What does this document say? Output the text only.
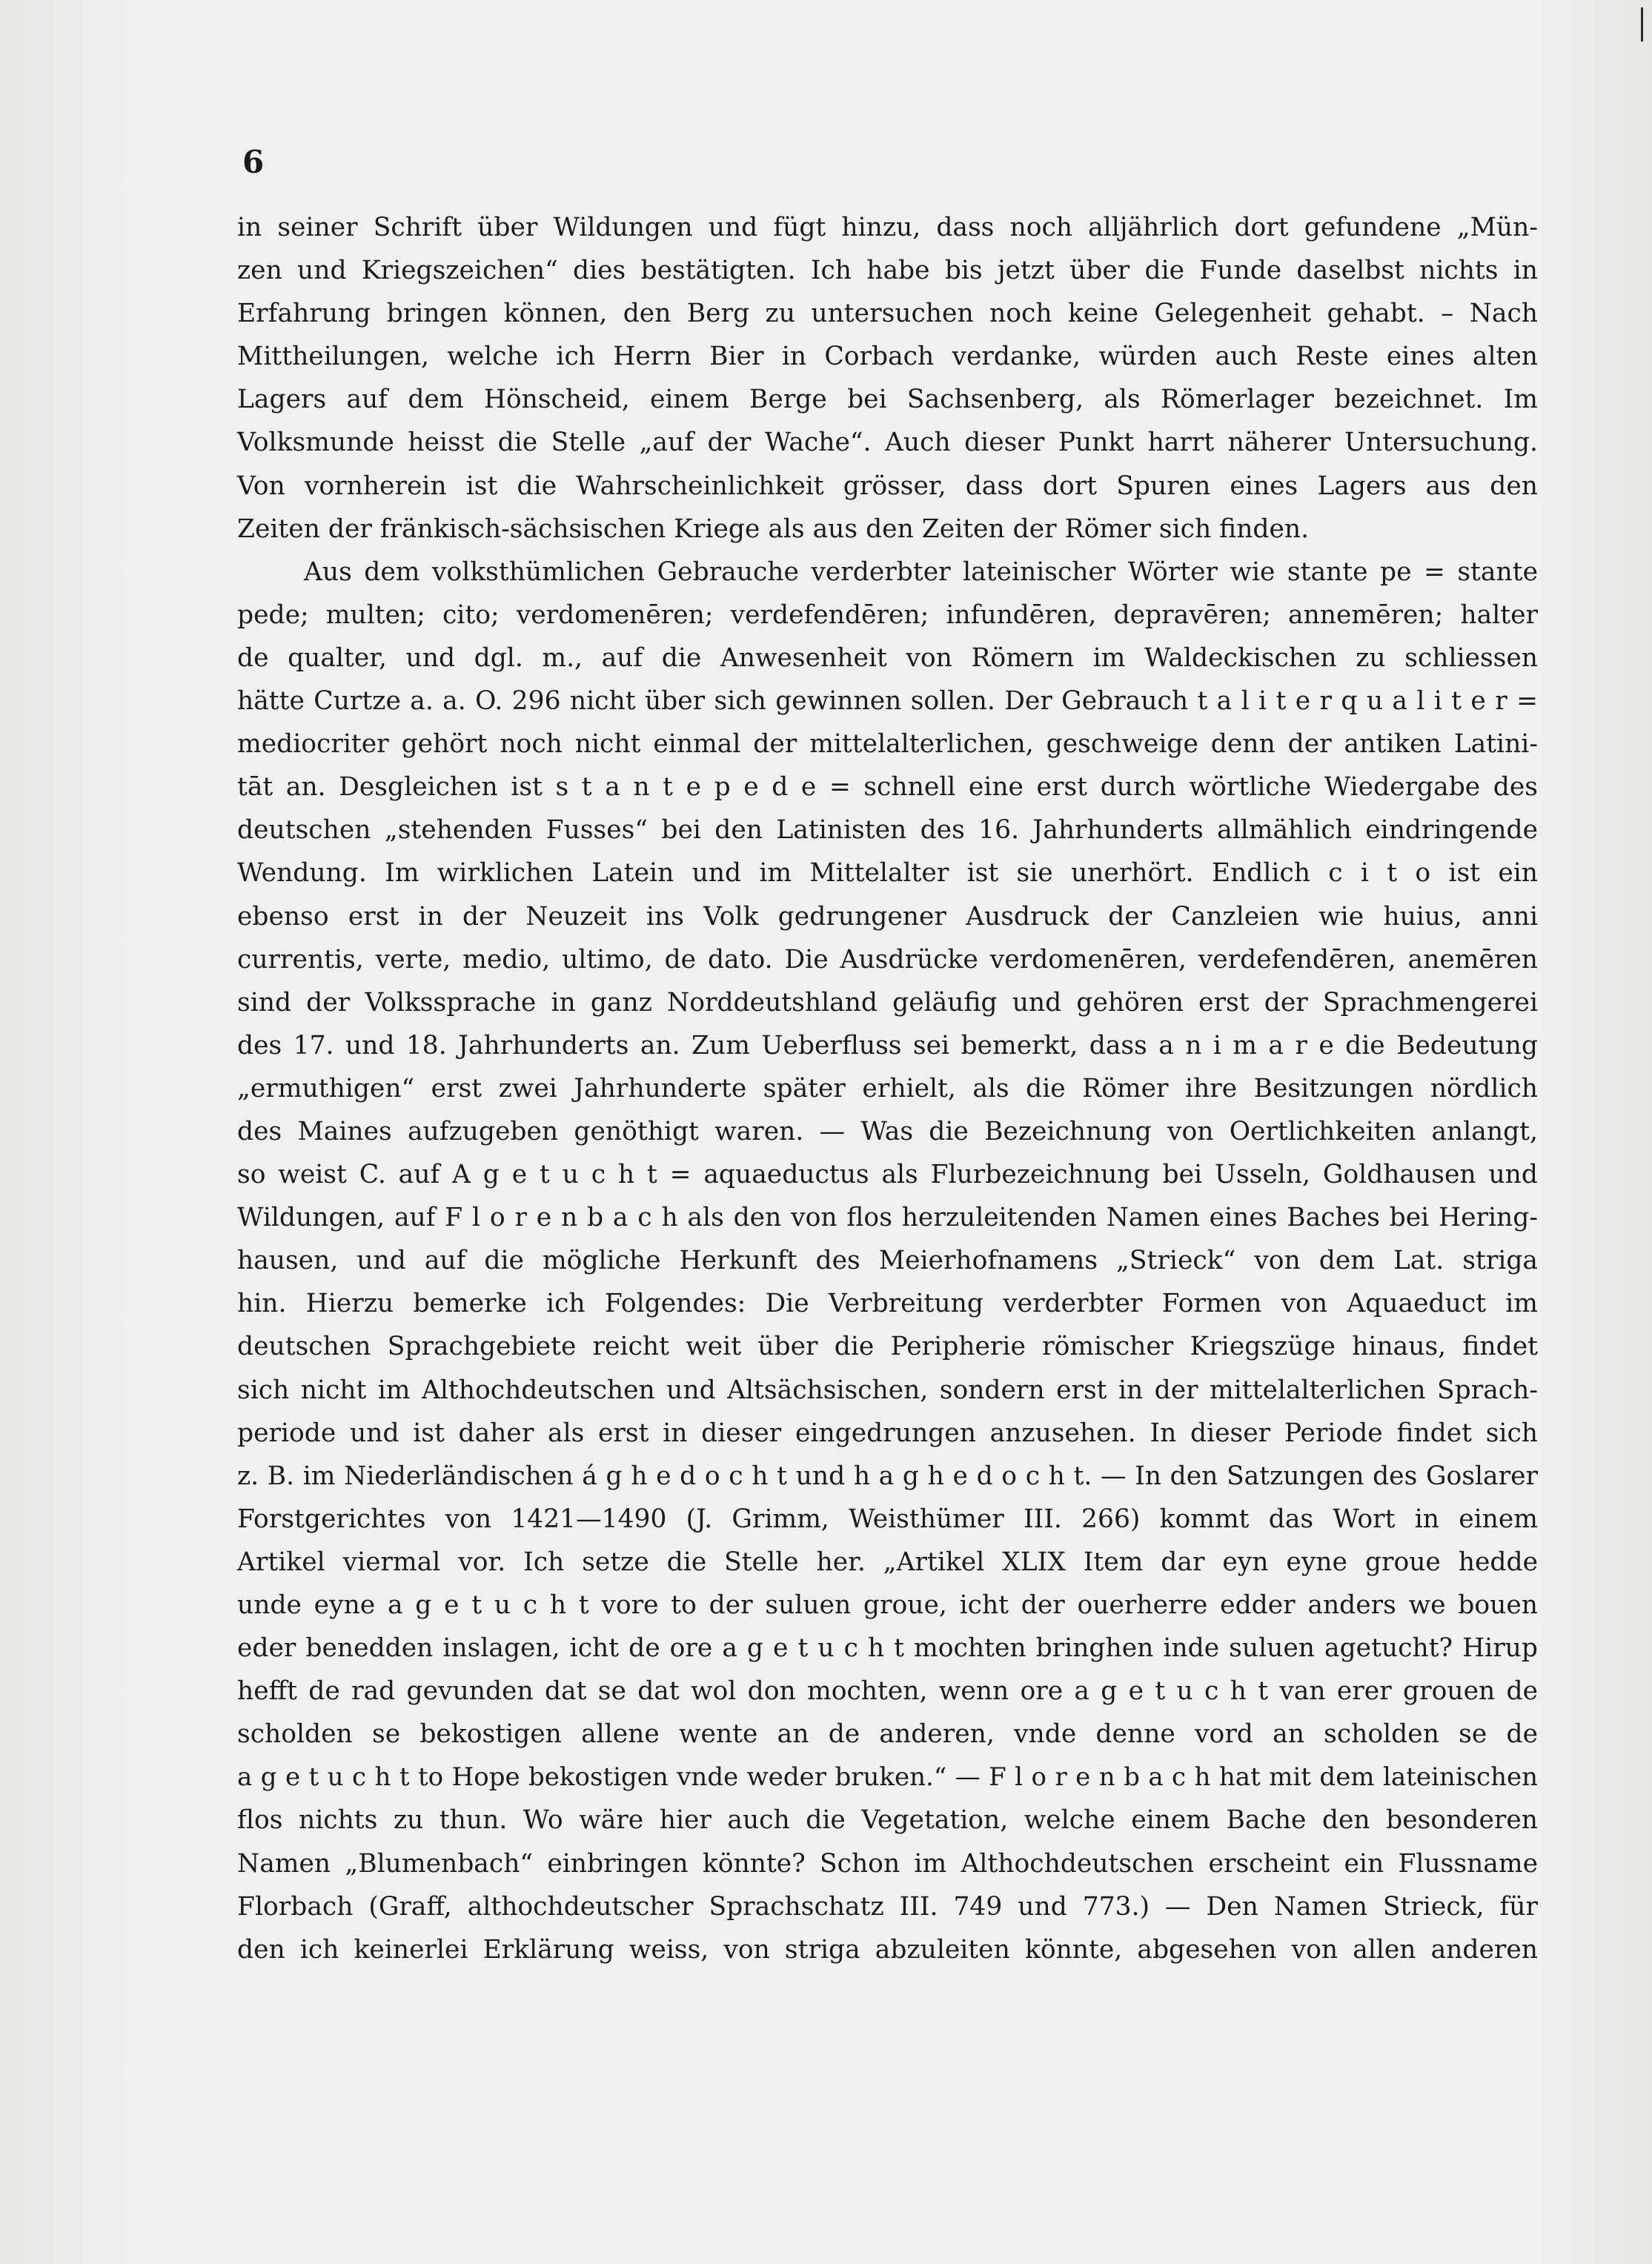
6
in seiner Schrift über Wildungen und fügt hinzu, dass noch alljährlich dort gefundene „Mün-
zen und Kriegszeichen“ dies bestätigten. Ich habe bis jetzt über die Funde daselbst nichts in
Erfahrung bringen können, den Berg zu untersuchen noch keine Gelegenheit gehabt. – Nach
Mittheilungen, welche ich Herrn Bier in Corbach verdanke, würden auch Reste eines alten
Lagers auf dem Hönscheid, einem Berge bei Sachsenberg, als Römerlager bezeichnet. Im
Volksmunde heisst die Stelle „auf der Wache“. Auch dieser Punkt harrt näherer Untersuchung.
Von vornherein ist die Wahrscheinlichkeit grösser, dass dort Spuren eines Lagers aus den
Zeiten der fränkisch-sächsischen Kriege als aus den Zeiten der Römer sich finden.
Aus dem volksthümlichen Gebrauche verderbter lateinischer Wörter wie stante pe = stante
pede; multen; cito; verdomenēren; verdefendēren; infundēren, depravēren; annemēren; halter
de qualter, und dgl. m., auf die Anwesenheit von Römern im Waldeckischen zu schliessen
hätte Curtze a. a. O. 296 nicht über sich gewinnen sollen. Der Gebrauch t a l i t e r q u a l i t e r =
mediocriter gehört noch nicht einmal der mittelalterlichen, geschweige denn der antiken Latini-
tāt an. Desgleichen ist s t a n t e p e d e = schnell eine erst durch wörtliche Wiedergabe des
deutschen „stehenden Fusses“ bei den Latinisten des 16. Jahrhunderts allmählich eindringende
Wendung. Im wirklichen Latein und im Mittelalter ist sie unerhört. Endlich c i t o ist ein
ebenso erst in der Neuzeit ins Volk gedrungener Ausdruck der Canzleien wie huius, anni
currentis, verte, medio, ultimo, de dato. Die Ausdrücke verdomenēren, verdefendēren, anemēren
sind der Volkssprache in ganz Norddeutshland geläufig und gehören erst der Sprachmengerei
des 17. und 18. Jahrhunderts an. Zum Ueberfluss sei bemerkt, dass a n i m a r e die Bedeutung
„ermuthigen“ erst zwei Jahrhunderte später erhielt, als die Römer ihre Besitzungen nördlich
des Maines aufzugeben genöthigt waren. — Was die Bezeichnung von Oertlichkeiten anlangt,
so weist C. auf A g e t u c h t = aquaeductus als Flurbezeichnung bei Usseln, Goldhausen und
Wildungen, auf F l o r e n b a c h als den von flos herzuleitenden Namen eines Baches bei Hering-
hausen, und auf die mögliche Herkunft des Meierhofnamens „Strieck“ von dem Lat. striga
hin. Hierzu bemerke ich Folgendes: Die Verbreitung verderbter Formen von Aquaeduct im
deutschen Sprachgebiete reicht weit über die Peripherie römischer Kriegszüge hinaus, findet
sich nicht im Althochdeutschen und Altsächsischen, sondern erst in der mittelalterlichen Sprach-
periode und ist daher als erst in dieser eingedrungen anzusehen. In dieser Periode findet sich
z. B. im Niederländischen á g h e d o c h t und h a g h e d o c h t. — In den Satzungen des Goslarer
Forstgerichtes von 1421—1490 (J. Grimm, Weisthümer III. 266) kommt das Wort in einem
Artikel viermal vor. Ich setze die Stelle her. „Artikel XLIX Item dar eyn eyne groue hedde
unde eyne a g e t u c h t vore to der suluen groue, icht der ouerherre edder anders we bouen
eder benedden inslagen, icht de ore a g e t u c h t mochten bringhen inde suluen agetucht? Hirup
hefft de rad gevunden dat se dat wol don mochten, wenn ore a g e t u c h t van erer grouen de
scholden se bekostigen allene wente an de anderen, vnde denne vord an scholden se de
a g e t u c h t to Hope bekostigen vnde weder bruken.“ — F l o r e n b a c h hat mit dem lateinischen
flos nichts zu thun. Wo wäre hier auch die Vegetation, welche einem Bache den besonderen
Namen „Blumenbach“ einbringen könnte? Schon im Althochdeutschen erscheint ein Flussname
Florbach (Graff, althochdeutscher Sprachschatz III. 749 und 773.) — Den Namen Strieck, für
den ich keinerlei Erklärung weiss, von striga abzuleiten könnte, abgesehen von allen anderen
